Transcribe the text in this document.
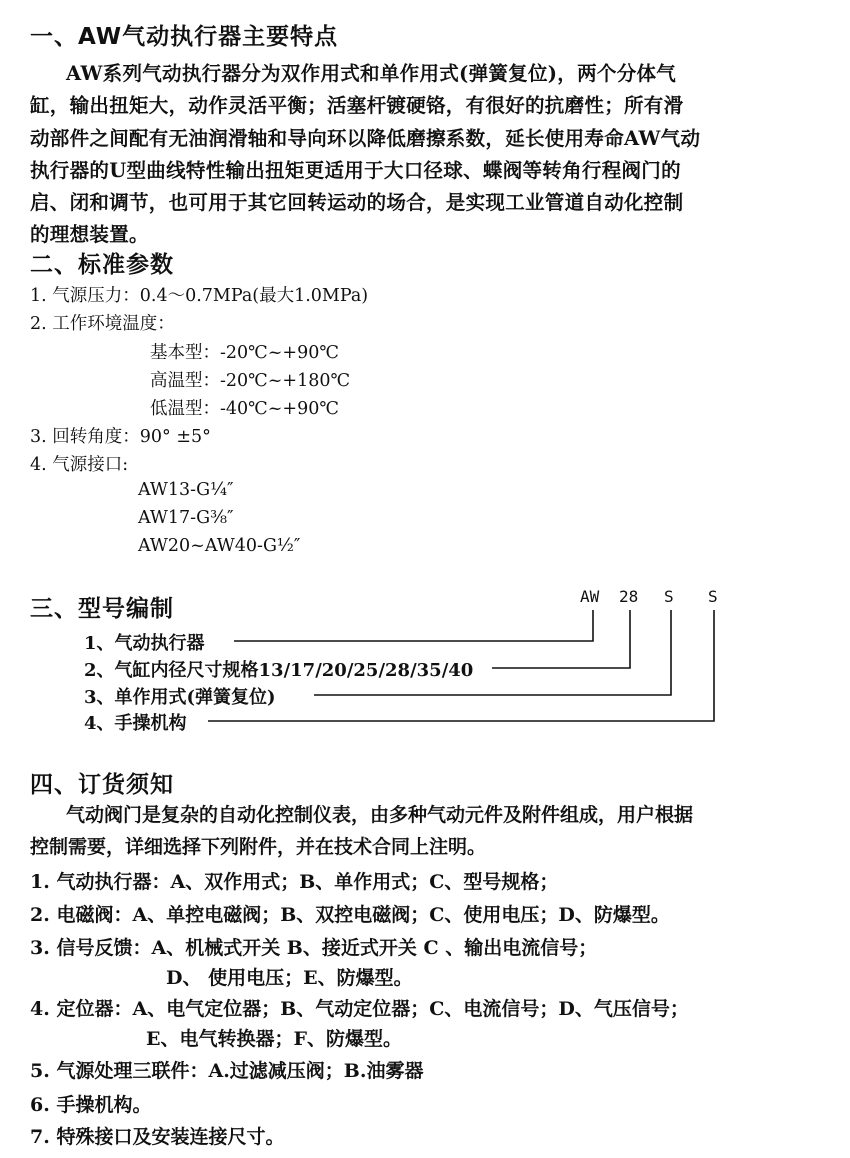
一、AW气动执行器主要特点
AW系列气动执行器分为双作用式和单作用式(弹簧复位)，两个分体气
缸，输出扭矩大，动作灵活平衡；活塞杆镀硬铬，有很好的抗磨性；所有滑
动部件之间配有无油润滑轴和导向环以降低磨擦系数，延长使用寿命AW气动
执行器的U型曲线特性输出扭矩更适用于大口径球、蝶阀等转角行程阀门的
启、闭和调节，也可用于其它回转运动的场合，是实现工业管道自动化控制
的理想装置。
二、标准参数
1. 气源压力：0.4～0.7MPa(最大1.0MPa)
2. 工作环境温度：
基本型：-20℃~+90℃
高温型：-20℃~+180℃
低温型：-40℃~+90℃
3. 回转角度：90° ±5°
4. 气源接口:
AW13-G¹⁄₄″
AW17-G³⁄₈″
AW20~AW40-G¹⁄₂″
三、型号编制	AW 28 S S
1、气动执行器
2、气缸内径尺寸规格13/17/20/25/28/35/40
3、单作用式(弹簧复位)
4、手操机构
四、订货须知
气动阀门是复杂的自动化控制仪表，由多种气动元件及附件组成，用户根据
控制需要，详细选择下列附件，并在技术合同上注明。
1. 气动执行器：A、双作用式；B、单作用式；C、型号规格；
2. 电磁阀：A、单控电磁阀；B、双控电磁阀；C、使用电压；D、防爆型。
3. 信号反馈：A、机械式开关 B、接近式开关 C 、输出电流信号；
D、 使用电压；E、防爆型。
4. 定位器：A、电气定位器；B、气动定位器；C、电流信号；D、气压信号；
E、电气转换器；F、防爆型。
5. 气源处理三联件：A.过滤减压阀；B.油雾器
6. 手操机构。
7. 特殊接口及安装连接尺寸。
